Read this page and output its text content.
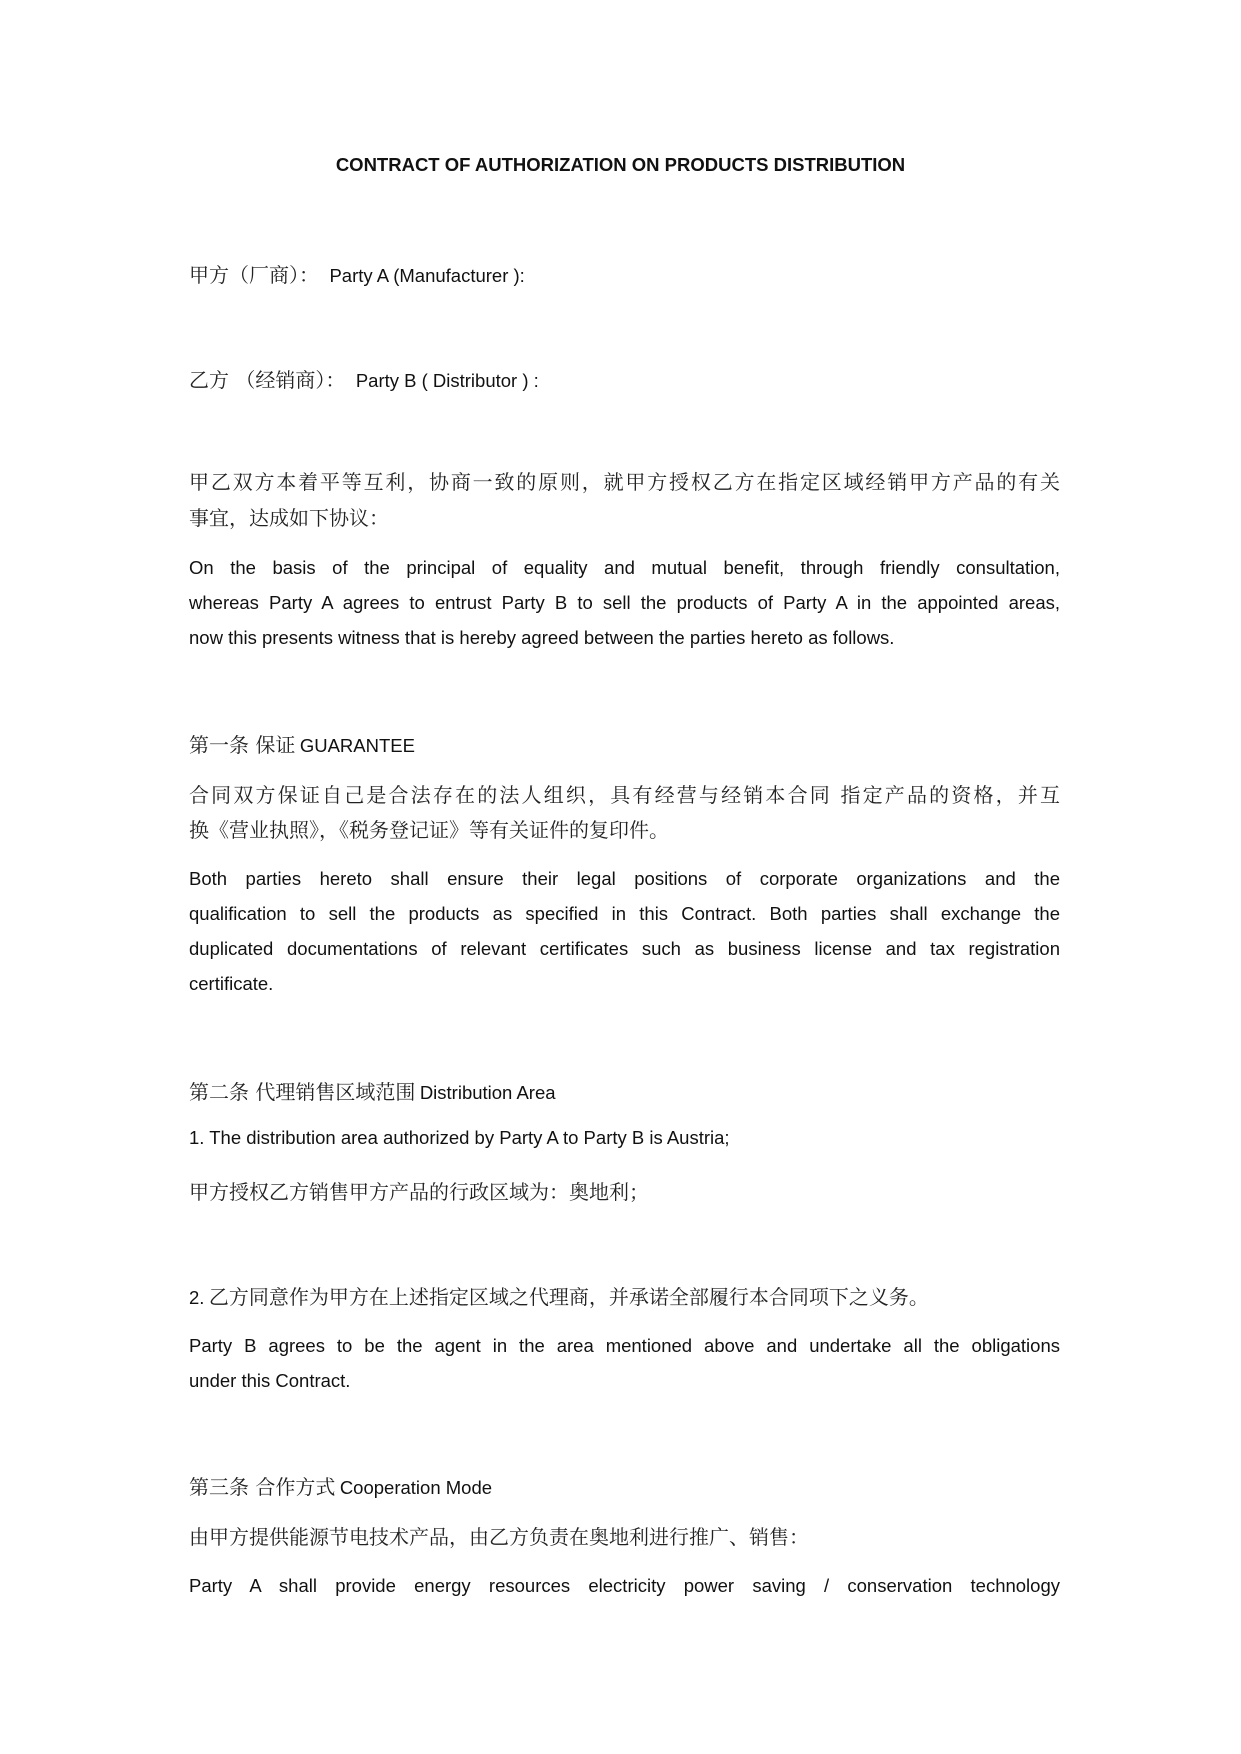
CONTRACT OF AUTHORIZATION ON PRODUCTS DISTRIBUTION
甲方（厂商）： Party A (Manufacturer ):
乙方 （经销商）： Party B ( Distributor ) :
甲乙双方本着平等互利，协商一致的原则，就甲方授权乙方在指定区域经销甲方产品的有关
事宜，达成如下协议：
On the basis of the principal of equality and mutual benefit, through friendly consultation,
whereas Party A agrees to entrust Party B to sell the products of Party A in the appointed areas,
now this presents witness that is hereby agreed between the parties hereto as follows.
第一条 保证 GUARANTEE
合同双方保证自己是合法存在的法人组织，具有经营与经销本合同 指定产品的资格，并互
换《营业执照》，《税务登记证》等有关证件的复印件。
Both parties hereto shall ensure their legal positions of corporate organizations and the
qualification to sell the products as specified in this Contract. Both parties shall exchange the
duplicated documentations of relevant certificates such as business license and tax registration
certificate.
第二条 代理销售区域范围 Distribution Area
1. The distribution area authorized by Party A to Party B is Austria;
甲方授权乙方销售甲方产品的行政区域为：奥地利；
2. 乙方同意作为甲方在上述指定区域之代理商，并承诺全部履行本合同项下之义务。
Party B agrees to be the agent in the area mentioned above and undertake all the obligations
under this Contract.
第三条 合作方式 Cooperation Mode
由甲方提供能源节电技术产品，由乙方负责在奥地利进行推广、销售：
Party A shall provide energy resources electricity power saving / conservation technology
